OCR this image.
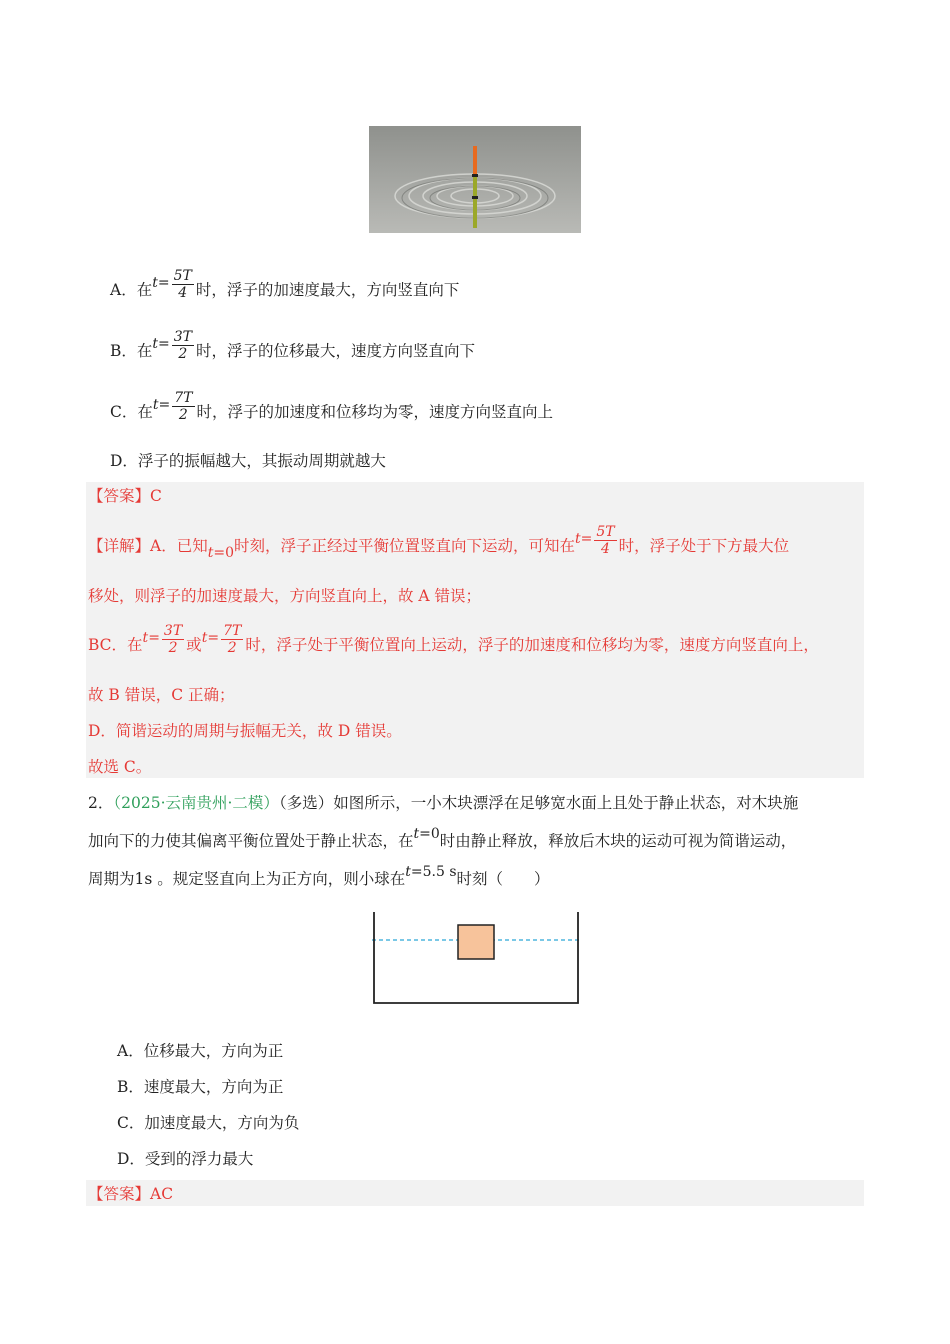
A．在$t= \frac{5T}{4}$ 时，浮子的加速度最大，方向竖直向下
B．在$t= \frac{3T}{2}$ 时，浮子的位移最大，速度方向竖直向下
C．在$t= \frac{7T}{2}$ 时，浮子的加速度和位移均为零，速度方向竖直向上
D．浮子的振幅越大，其振动周期就越大
【答案】C
【详解】A．已知t=0时刻，浮子正经过平衡位置竖直向下运动，可知在$t= \frac{5T}{4}$ 时，浮子处于下方最大位
移处，则浮子的加速度最大，方向竖直向上，故 A 错误；
BC．在$t= \frac{3T}{2}$ 或$t= \frac{7T}{2}$ 时，浮子处于平衡位置向上运动，浮子的加速度和位移均为零，速度方向竖直向上，
故 B 错误，C 正确；
D．简谐运动的周期与振幅无关，故 D 错误。
故选 C。
2．（2025·云南贵州·二模）（多选）如图所示，一小木块漂浮在足够宽水面上且处于静止状态，对木块施
加向下的力使其偏离平衡位置处于静止状态，在t=0时由静止释放，释放后木块的运动可视为简谐运动，
周期为1s 。规定竖直向上为正方向，则小球在t=5.5 s时刻（　　）
A．位移最大，方向为正
B．速度最大，方向为正
C．加速度最大，方向为负
D．受到的浮力最大
【答案】AC
